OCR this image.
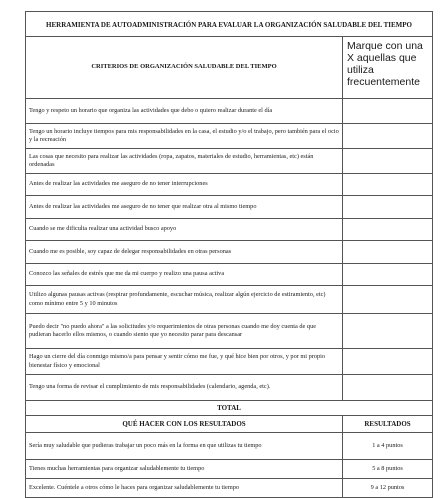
HERRAMIENTA DE AUTOADMINISTRACIÓN PARA EVALUAR LA ORGANIZACIÓN SALUDABLE DEL TIEMPO	
CRITERIOS DE ORGANIZACIÓN SALUDABLE DEL TIEMPO	Marque con una X aquellas que utiliza frecuentemente
Tengo y respeto un horario que organiza las actividades que debo o quiero realizar durante el día	
Tengo un horario incluye tiempos para mis responsabilidades en la casa, el estudio y/o el trabajo, pero también para el ocio y la recreación	
Las cosas que necesito para realizar las actividades (ropa, zapatos, materiales de estudio, herramientas, etc) están ordenadas	
Antes de realizar las actividades me aseguro de no tener interrupciones	
Antes de realizar las actividades me aseguro de no tener que realizar otra al mismo tiempo	
Cuando se me dificulta realizar una actividad busco apoyo	
Cuando me es posible, soy capaz de delegar responsabilidades en otras personas	
Conozco las señales de estrés que me da mi cuerpo y realizo una pausa activa	
Utilizo algunas pausas activas (respirar profundamente, escuchar música, realizar algún ejercicio de estiramiento, etc) como mínimo entre 5 y 10 minutos	
Puedo decir "no puedo ahora" a las solicitudes y/o requerimientos de otras personas cuando me doy cuenta de que pudieran hacerlo ellos mismos, o cuando siento que yo necesito parar para descansar	
Hago un cierre del día conmigo mismo/a para pensar y sentir cómo me fue, y qué hice bien por otros, y por mi propio bienestar físico y emocional	
Tengo una forma de revisar el cumplimiento de mis responsabilidades (calendario, agenda, etc).	
TOTAL	
QUÉ HACER CON LOS RESULTADOS	RESULTADOS
Sería muy saludable que pudieras trabajar un poco más en la forma en que utilizas tu tiempo	1 a 4 puntos
Tienes muchas herramientas para organizar saludablemente tu tiempo	5 a 8 puntos
Excelente. Cuéntele a otros cómo le haces para organizar saludablemente tu tiempo	9 a 12 puntos
